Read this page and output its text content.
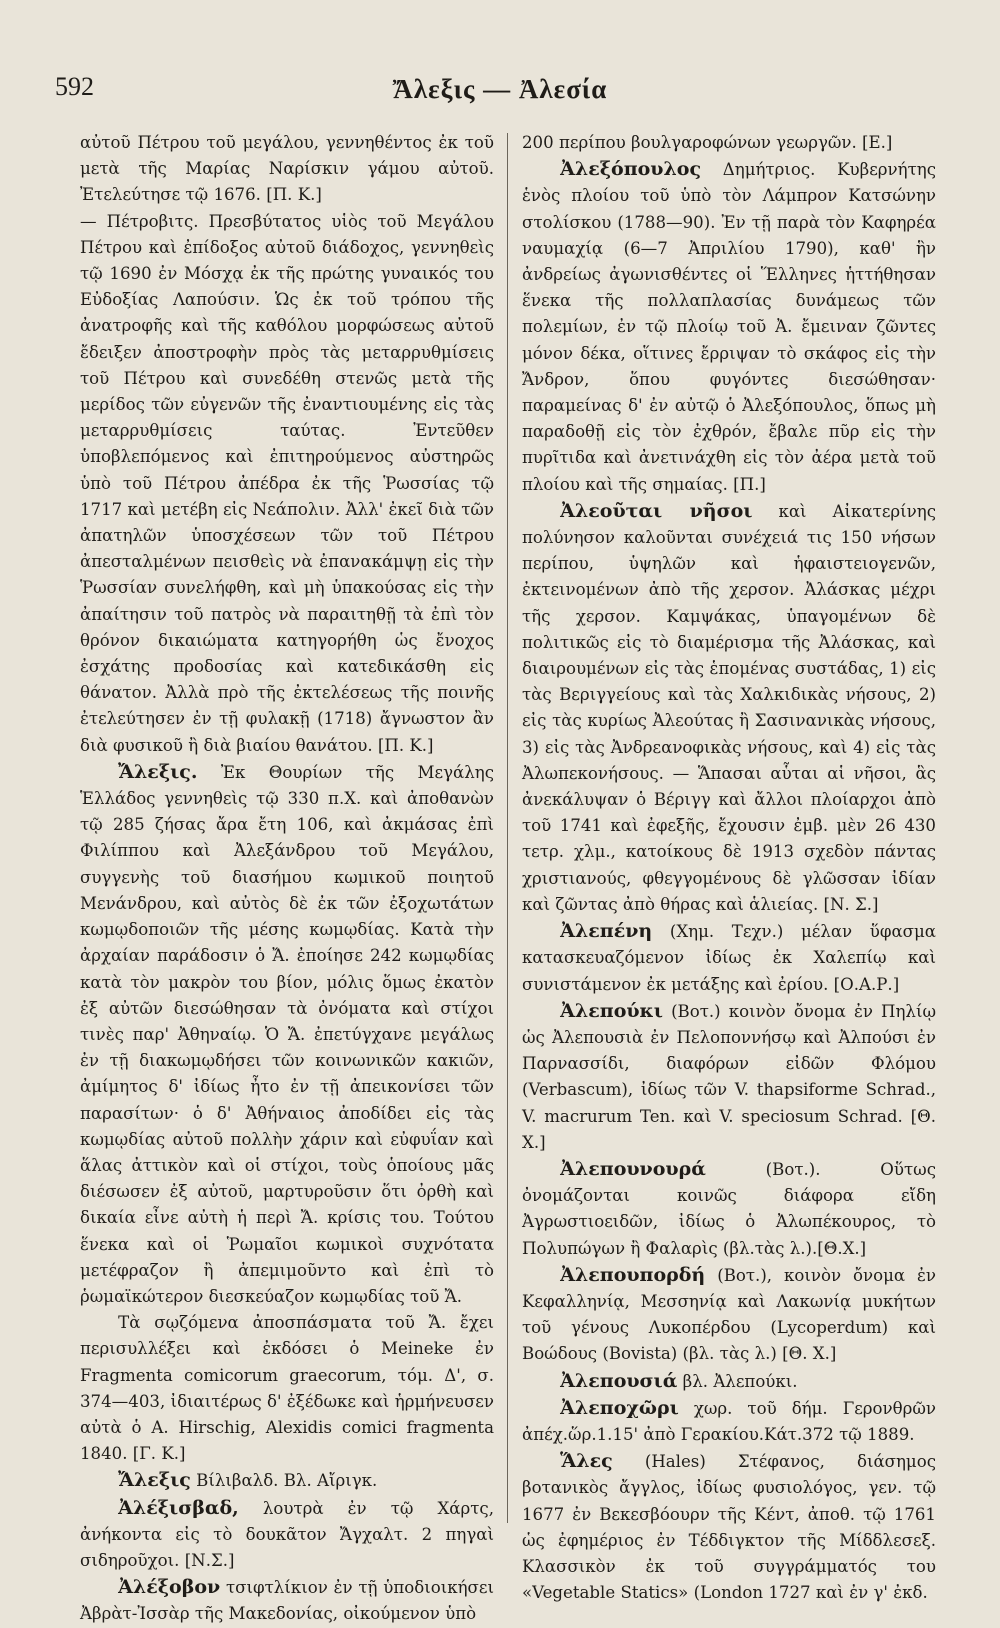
592	Ἄλεξις — Ἀλεσία

αὐτοῦ Πέτρου τοῦ μεγάλου, γεννηθέντος ἐκ τοῦ μετὰ τῆς Μαρίας Ναρίσκιν γάμου αὐτοῦ. Ἐτελεύτησε τῷ 1676. [Π. Κ.]

— Πέτροβιτς. Πρεσβύτατος υἱὸς τοῦ Μεγάλου Πέτρου καὶ ἐπίδοξος αὐτοῦ διάδοχος, γεννηθεὶς τῷ 1690 ἐν Μόσχᾳ ἐκ τῆς πρώτης γυναικός του Εὐδοξίας Λαπούσιν. Ὡς ἐκ τοῦ τρόπου τῆς ἀνατροφῆς καὶ τῆς καθόλου μορφώσεως αὐτοῦ ἔδειξεν ἀποστροφὴν πρὸς τὰς μεταρρυθμίσεις τοῦ Πέτρου καὶ συνεδέθη στενῶς μετὰ τῆς μερίδος τῶν εὐγενῶν τῆς ἐναντιουμένης εἰς τὰς μεταρρυθμίσεις ταύτας. Ἐντεῦθεν ὑποβλεπόμενος καὶ ἐπιτηρούμενος αὐστηρῶς ὑπὸ τοῦ Πέτρου ἀπέδρα ἐκ τῆς Ῥωσσίας τῷ 1717 καὶ μετέβη εἰς Νεάπολιν. Ἀλλ' ἐκεῖ διὰ τῶν ἀπατηλῶν ὑποσχέσεων τῶν τοῦ Πέτρου ἀπεσταλμένων πεισθεὶς νὰ ἐπανακάμψῃ εἰς τὴν Ῥωσσίαν συνελήφθη, καὶ μὴ ὑπακούσας εἰς τὴν ἀπαίτησιν τοῦ πατρὸς νὰ παραιτηθῇ τὰ ἐπὶ τὸν θρόνον δικαιώματα κατηγορήθη ὡς ἔνοχος ἐσχάτης προδοσίας καὶ κατεδικάσθη εἰς θάνατον. Ἀλλὰ πρὸ τῆς ἐκτελέσεως τῆς ποινῆς ἐτελεύτησεν ἐν τῇ φυλακῇ (1718) ἄγνωστον ἂν διὰ φυσικοῦ ἢ διὰ βιαίου θανάτου. [Π. Κ.]

Ἄλεξις. Ἐκ Θουρίων τῆς Μεγάλης Ἑλλάδος γεννηθεὶς τῷ 330 π.Χ. καὶ ἀποθανὼν τῷ 285 ζήσας ἄρα ἔτη 106, καὶ ἀκμάσας ἐπὶ Φιλίππου καὶ Ἀλεξάνδρου τοῦ Μεγάλου, συγγενὴς τοῦ διασήμου κωμικοῦ ποιητοῦ Μενάνδρου, καὶ αὐτὸς δὲ ἐκ τῶν ἐξοχωτάτων κωμῳδοποιῶν τῆς μέσης κωμῳδίας. Κατὰ τὴν ἀρχαίαν παράδοσιν ὁ Ἄ. ἐποίησε 242 κωμῳδίας κατὰ τὸν μακρὸν του βίον, μόλις ὅμως ἐκατὸν ἐξ αὐτῶν διεσώθησαν τὰ ὀνόματα καὶ στίχοι τινὲς παρ' Ἀθηναίῳ. Ὁ Ἄ. ἐπετύγχανε μεγάλως ἐν τῇ διακωμῳδήσει τῶν κοινωνικῶν κακιῶν, ἀμίμητος δ' ἰδίως ἦτο ἐν τῇ ἀπεικονίσει τῶν παρασίτων· ὁ δ' Ἀθήναιος ἀποδίδει εἰς τὰς κωμῳδίας αὐτοῦ πολλὴν χάριν καὶ εὐφυΐαν καὶ ἅλας ἀττικὸν καὶ οἱ στίχοι, τοὺς ὁποίους μᾶς διέσωσεν ἐξ αὐτοῦ, μαρτυροῦσιν ὅτι ὀρθὴ καὶ δικαία εἶνε αὐτὴ ἡ περὶ Ἄ. κρίσις του. Τούτου ἕνεκα καὶ οἱ Ῥωμαῖοι κωμικοὶ συχνότατα μετέφραζον ἢ ἀπεμιμοῦντο καὶ ἐπὶ τὸ ῥωμαϊκώτερον διεσκεύαζον κωμῳδίας τοῦ Ἄ.

Τὰ σῳζόμενα ἀποσπάσματα τοῦ Ἄ. ἔχει περισυλλέξει καὶ ἐκδόσει ὁ Meineke ἐν Fragmenta comicorum graecorum, τόμ. Δ', σ. 374—403, ἰδιαιτέρως δ' ἐξέδωκε καὶ ἡρμήνευσεν αὐτὰ ὁ A. Hirschig, Alexidis comici fragmenta 1840. [Γ. Κ.]

Ἄλεξις Βίλιβαλδ. Βλ. Αἴριγκ.

Ἀλέξισβαδ, λουτρὰ ἐν τῷ Χάρτς, ἀνήκοντα εἰς τὸ δουκᾶτον Ἄγχαλτ. 2 πηγαὶ σιδηροῦχοι. [Ν.Σ.]

Ἀλέξοβον τσιφτλίκιον ἐν τῇ ὑποδιοικήσει Ἀβρὰτ-Ἰσσὰρ τῆς Μακεδονίας, οἰκούμενον ὑπὸ

200 περίπου βουλγαροφώνων γεωργῶν. [Ε.]

Ἀλεξόπουλος Δημήτριος. Κυβερνήτης ἑνὸς πλοίου τοῦ ὑπὸ τὸν Λάμπρον Κατσώνην στολίσκου (1788—90). Ἐν τῇ παρὰ τὸν Καφηρέα ναυμαχίᾳ (6—7 Ἀπριλίου 1790), καθ' ἣν ἀνδρείως ἀγωνισθέντες οἱ Ἕλληνες ἡττήθησαν ἕνεκα τῆς πολλαπλασίας δυνάμεως τῶν πολεμίων, ἐν τῷ πλοίῳ τοῦ Ἀ. ἔμειναν ζῶντες μόνον δέκα, οἵτινες ἔρριψαν τὸ σκάφος εἰς τὴν Ἄνδρον, ὅπου φυγόντες διεσώθησαν· παραμείνας δ' ἐν αὐτῷ ὁ Ἀλεξόπουλος, ὅπως μὴ παραδοθῇ εἰς τὸν ἐχθρόν, ἔβαλε πῦρ εἰς τὴν πυρῖτιδα καὶ ἀνετινάχθη εἰς τὸν ἀέρα μετὰ τοῦ πλοίου καὶ τῆς σημαίας. [Π.]

Ἀλεοῦται νῆσοι καὶ Αἰκατερίνης πολύνησον καλοῦνται συνέχειά τις 150 νήσων περίπου, ὑψηλῶν καὶ ἡφαιστειογενῶν, ἐκτεινομένων ἀπὸ τῆς χερσον. Ἀλάσκας μέχρι τῆς χερσον. Καμψάκας, ὑπαγομένων δὲ πολιτικῶς εἰς τὸ διαμέρισμα τῆς Ἀλάσκας, καὶ διαιρουμένων εἰς τὰς ἑπομένας συστάδας, 1) εἰς τὰς Βεριγγείους καὶ τὰς Χαλκιδικὰς νήσους, 2) εἰς τὰς κυρίως Ἀλεούτας ἢ Σασινανικὰς νήσους, 3) εἰς τὰς Ἀνδρεανοφικὰς νήσους, καὶ 4) εἰς τὰς Ἀλωπεκονήσους. — Ἅπασαι αὗται αἱ νῆσοι, ἃς ἀνεκάλυψαν ὁ Βέριγγ καὶ ἄλλοι πλοίαρχοι ἀπὸ τοῦ 1741 καὶ ἐφεξῆς, ἔχουσιν ἐμβ. μὲν 26 430 τετρ. χλμ., κατοίκους δὲ 1913 σχεδὸν πάντας χριστιανούς, φθεγγομένους δὲ γλῶσσαν ἰδίαν καὶ ζῶντας ἀπὸ θήρας καὶ ἁλιείας. [Ν. Σ.]

Ἀλεπένη (Χημ. Τεχν.) μέλαν ὕφασμα κατασκευαζόμενον ἰδίως ἐκ Χαλεπίῳ καὶ συνιστάμενον ἐκ μετάξης καὶ ἐρίου. [Ο.Α.Ρ.]

Ἀλεπούκι (Βοτ.) κοινὸν ὄνομα ἐν Πηλίῳ ὡς Ἀλεπουσιὰ ἐν Πελοποννήσῳ καὶ Ἀλπούσι ἐν Παρνασσίδι, διαφόρων εἰδῶν Φλόμου (Verbascum), ἰδίως τῶν V. thapsiforme Schrad., V. macrurum Ten. καὶ V. speciosum Schrad. [Θ. Χ.]

Ἀλεπουνουρά	(Βοτ.). Οὕτως ὀνομάζονται κοινῶς διάφορα εἴδη Ἀγρωστιοειδῶν, ἰδίως ὁ Ἀλωπέκουρος, τὸ Πολυπώγων ἢ Φαλαρὶς (βλ.τὰς λ.).[Θ.Χ.]

Ἀλεπουπορδή (Βοτ.), κοινὸν ὄνομα ἐν Κεφαλληνίᾳ, Μεσσηνίᾳ καὶ Λακωνίᾳ μυκήτων τοῦ γένους Λυκοπέρδου (Lycoperdum) καὶ Βοώδους (Bovista) (βλ. τὰς λ.) [Θ. Χ.]

Ἀλεπουσιά βλ. Ἀλεπούκι.

Ἀλεποχῶρι χωρ. τοῦ δήμ. Γερονθρῶν ἀπέχ.ὥρ.1.15' ἀπὸ Γερακίου.Κάτ.372 τῷ 1889.

Ἅλες (Hales) Στέφανος, διάσημος βοτανικὸς ἄγγλος, ἰδίως φυσιολόγος, γεν. τῷ 1677 ἐν Βεκεσβόουρν τῆς Κέντ, ἀποθ. τῷ 1761 ὡς ἐφημέριος ἐν Τέδδιγκτον τῆς Μίδδλεσεξ. Κλασσικὸν ἐκ τοῦ συγγράμματός του «Vegetable Statics» (London 1727 καὶ ἐν γ' ἐκδ.
